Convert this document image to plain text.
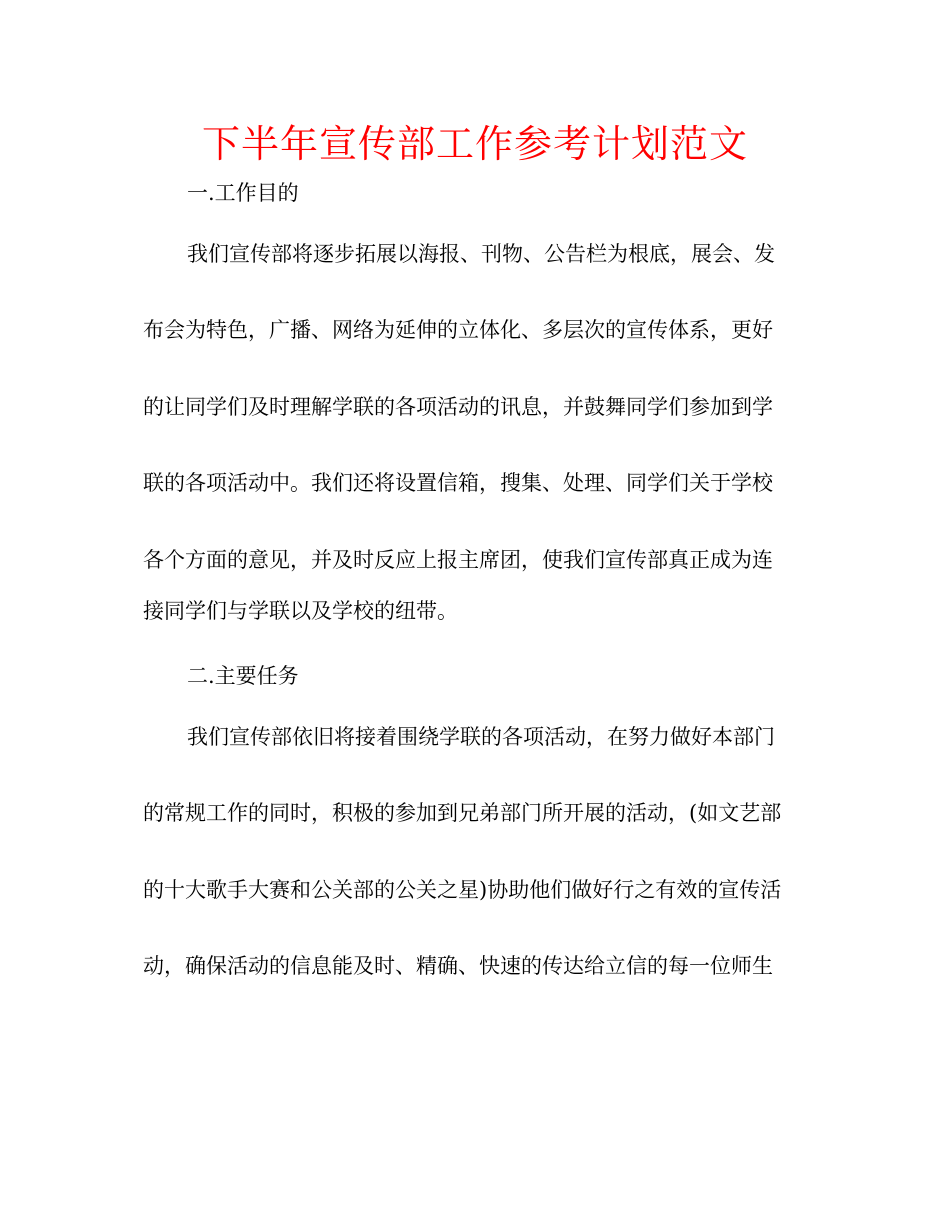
下半年宣传部工作参考计划范文

一.工作目的

我们宣传部将逐步拓展以海报、刊物、公告栏为根底，展会、发
布会为特色，广播、网络为延伸的立体化、多层次的宣传体系，更好
的让同学们及时理解学联的各项活动的讯息，并鼓舞同学们参加到学
联的各项活动中。我们还将设置信箱，搜集、处理、同学们关于学校
各个方面的意见，并及时反应上报主席团，使我们宣传部真正成为连
接同学们与学联以及学校的纽带。

二.主要任务

我们宣传部依旧将接着围绕学联的各项活动，在努力做好本部门
的常规工作的同时，积极的参加到兄弟部门所开展的活动，(如文艺部
的十大歌手大赛和公关部的公关之星)协助他们做好行之有效的宣传活
动，确保活动的信息能及时、精确、快速的传达给立信的每一位师生
